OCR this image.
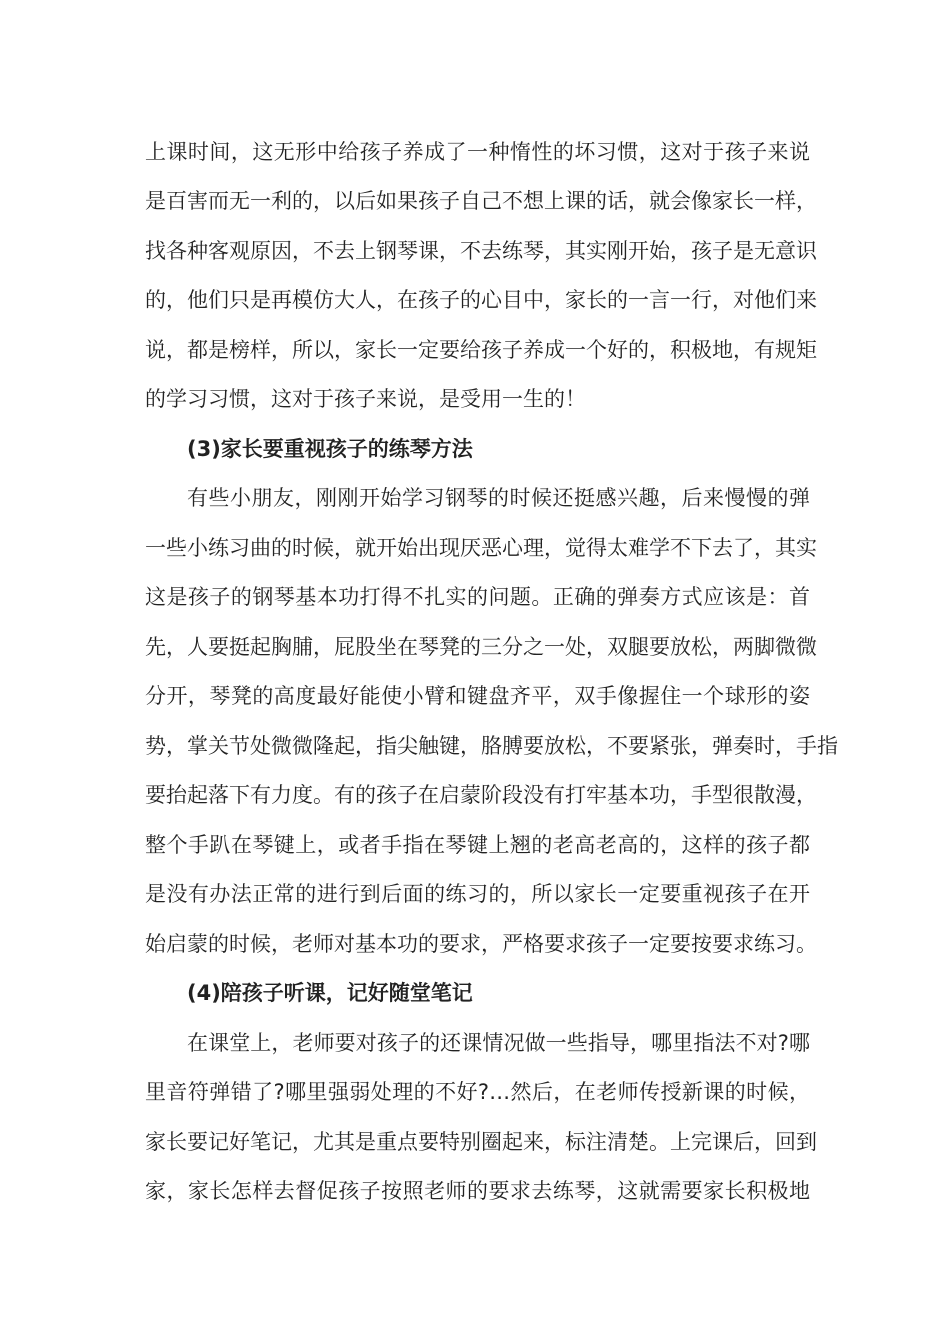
上课时间，这无形中给孩子养成了一种惰性的坏习惯，这对于孩子来说
是百害而无一利的，以后如果孩子自己不想上课的话，就会像家长一样，
找各种客观原因，不去上钢琴课，不去练琴，其实刚开始，孩子是无意识
的，他们只是再模仿大人，在孩子的心目中，家长的一言一行，对他们来
说，都是榜样，所以，家长一定要给孩子养成一个好的，积极地，有规矩
的学习习惯，这对于孩子来说，是受用一生的！
(3)家长要重视孩子的练琴方法
有些小朋友，刚刚开始学习钢琴的时候还挺感兴趣，后来慢慢的弹
一些小练习曲的时候，就开始出现厌恶心理，觉得太难学不下去了，其实
这是孩子的钢琴基本功打得不扎实的问题。正确的弹奏方式应该是：首
先，人要挺起胸脯，屁股坐在琴凳的三分之一处，双腿要放松，两脚微微
分开，琴凳的高度最好能使小臂和键盘齐平，双手像握住一个球形的姿
势，掌关节处微微隆起，指尖触键，胳膊要放松，不要紧张，弹奏时，手指
要抬起落下有力度。有的孩子在启蒙阶段没有打牢基本功，手型很散漫，
整个手趴在琴键上，或者手指在琴键上翘的老高老高的，这样的孩子都
是没有办法正常的进行到后面的练习的，所以家长一定要重视孩子在开
始启蒙的时候，老师对基本功的要求，严格要求孩子一定要按要求练习。
(4)陪孩子听课，记好随堂笔记
在课堂上，老师要对孩子的还课情况做一些指导，哪里指法不对?哪
里音符弹错了?哪里强弱处理的不好?…然后，在老师传授新课的时候，
家长要记好笔记，尤其是重点要特别圈起来，标注清楚。上完课后，回到
家，家长怎样去督促孩子按照老师的要求去练琴，这就需要家长积极地
